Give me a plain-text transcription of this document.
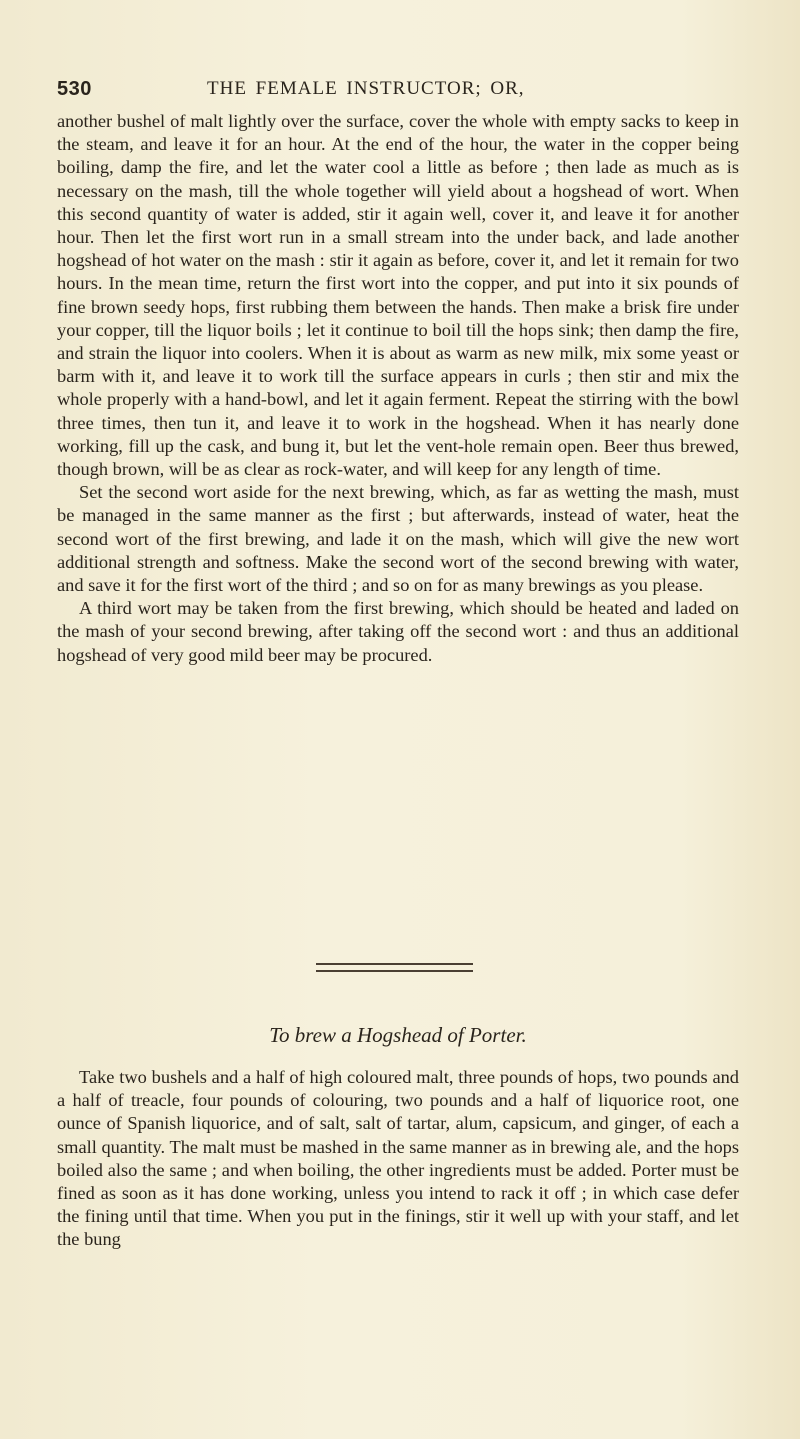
530	THE FEMALE INSTRUCTOR; OR,

another bushel of malt lightly over the surface, cover the whole with empty sacks to keep in the steam, and leave it for an hour. At the end of the hour, the water in the copper being boiling, damp the fire, and let the water cool a little as before ; then lade as much as is necessary on the mash, till the whole together will yield about a hogshead of wort. When this second quantity of water is added, stir it again well, cover it, and leave it for another hour. Then let the first wort run in a small stream into the under back, and lade another hogshead of hot water on the mash : stir it again as before, cover it, and let it remain for two hours. In the mean time, return the first wort into the copper, and put into it six pounds of fine brown seedy hops, first rubbing them between the hands. Then make a brisk fire under your copper, till the liquor boils ; let it continue to boil till the hops sink; then damp the fire, and strain the liquor into coolers. When it is about as warm as new milk, mix some yeast or barm with it, and leave it to work till the surface appears in curls ; then stir and mix the whole properly with a hand-bowl, and let it again ferment. Repeat the stirring with the bowl three times, then tun it, and leave it to work in the hogshead. When it has nearly done working, fill up the cask, and bung it, but let the vent-hole remain open. Beer thus brewed, though brown, will be as clear as rock-water, and will keep for any length of time.

Set the second wort aside for the next brewing, which, as far as wetting the mash, must be managed in the same manner as the first ; but afterwards, instead of water, heat the second wort of the first brewing, and lade it on the mash, which will give the new wort additional strength and softness. Make the second wort of the second brewing with water, and save it for the first wort of the third ; and so on for as many brewings as you please.

A third wort may be taken from the first brewing, which should be heated and laded on the mash of your second brewing, after taking off the second wort : and thus an additional hogshead of very good mild beer may be procured.

To brew a Hogshead of Porter.

Take two bushels and a half of high coloured malt, three pounds of hops, two pounds and a half of treacle, four pounds of colouring, two pounds and a half of liquorice root, one ounce of Spanish liquorice, and of salt, salt of tartar, alum, capsicum, and ginger, of each a small quantity. The malt must be mashed in the same manner as in brewing ale, and the hops boiled also the same ; and when boiling, the other ingredients must be added. Porter must be fined as soon as it has done working, unless you intend to rack it off ; in which case defer the fining until that time. When you put in the finings, stir it well up with your staff, and let the bung
